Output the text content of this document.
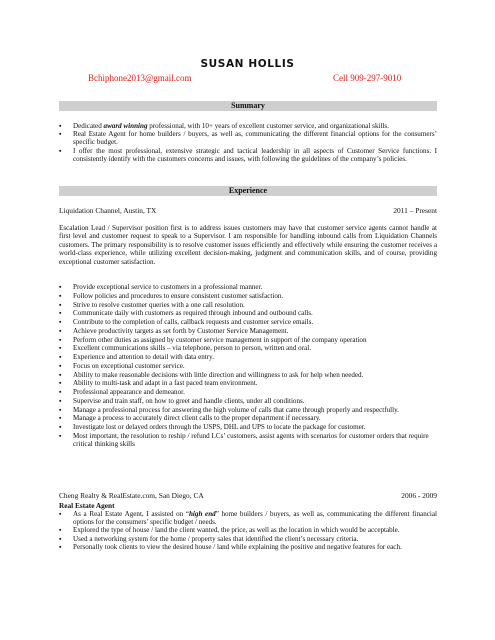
SUSAN HOLLIS
Bchiphone2013@gmail.com	Cell 909-297-9010
Summary
▪ Dedicated award winning professional, with 10+ years of excellent customer service, and organizational skills.
▪ Real Estate Agent for home builders / buyers, as well as, communicating the different financial options for the consumers’ specific budget.
▪ I offer the most professional, extensive strategic and tactical leadership in all aspects of Customer Service functions. I consistently identify with the customers concerns and issues, with following the guidelines of the company’s policies.
Experience
Liquidation Channel, Austin, TX	2011 – Present
Escalation Lead / Supervisor position first is to address issues customers may have that customer service agents cannot handle at first level and customer request to speak to a Supervisor. I am responsible for handling inbound calls from Liquidation Channels customers. The primary responsibility is to resolve customer issues efficiently and effectively while ensuring the customer receives a world-class experience, while utilizing excellent decision-making, judgment and communication skills, and of course, providing exceptional customer satisfaction.
▪ Provide exceptional service to customers in a professional manner.
▪ Follow policies and procedures to ensure consistent customer satisfaction.
▪ Strive to resolve customer queries with a one call resolution.
▪ Communicate daily with customers as required through inbound and outbound calls.
▪ Contribute to the completion of calls, callback requests and customer service emails.
▪ Achieve productivity targets as set forth by Customer Service Management.
▪ Perform other duties as assigned by customer service management in support of the company operation
▪ Excellent communications skills – via telephone, person to person, written and oral.
▪ Experience and attention to detail with data entry.
▪ Focus on exceptional customer service.
▪ Ability to make reasonable decisions with little direction and willingness to ask for help when needed.
▪ Ability to multi-task and adapt in a fast paced team environment.
▪ Professional appearance and demeanor.
▪ Supervise and train staff, on how to greet and handle clients, under all conditions.
▪ Manage a professional process for answering the high volume of calls that came through properly and respectfully.
▪ Manage a process to accurately direct client calls to the proper department if necessary.
▪ Investigate lost or delayed orders through the USPS, DHL and UPS to locate the package for customer.
▪ Most important, the resolution to reship / refund LCs’ customers, assist agents with scenarios for customer orders that require critical thinking skills
Cheng Realty & RealEstate.com, San Diego, CA	2006 - 2009
Real Estate Agent
▪ As a Real Estate Agent, I assisted on “high end” home builders / buyers, as well as, communicating the different financial options for the consumers’ specific budget / needs.
▪ Explored the type of house / land the client wanted, the price, as well as the location in which would be acceptable.
▪ Used a networking system for the home / property sales that identified the client’s necessary criteria.
▪ Personally took clients to view the desired house / land while explaining the positive and negative features for each.
